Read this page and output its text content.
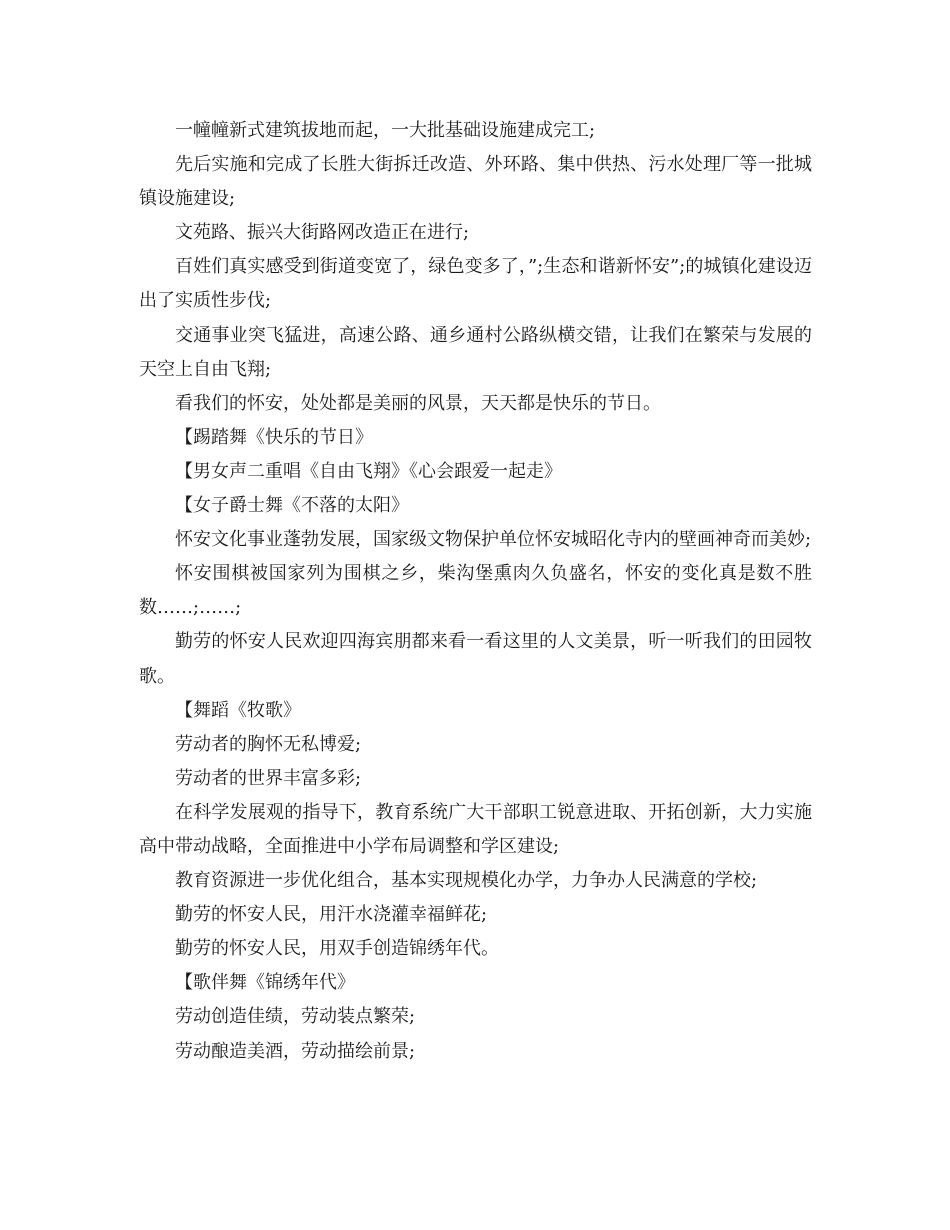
一幢幢新式建筑拔地而起，一大批基础设施建成完工;

先后实施和完成了长胜大街拆迁改造、外环路、集中供热、污水处理厂等一批城镇设施建设;

文苑路、振兴大街路网改造正在进行;

百姓们真实感受到街道变宽了，绿色变多了，”;生态和谐新怀安”;的城镇化建设迈出了实质性步伐;

交通事业突飞猛进，高速公路、通乡通村公路纵横交错，让我们在繁荣与发展的天空上自由飞翔;

看我们的怀安，处处都是美丽的风景，天天都是快乐的节日。

【踢踏舞《快乐的节日》

【男女声二重唱《自由飞翔》《心会跟爱一起走》

【女子爵士舞《不落的太阳》

怀安文化事业蓬勃发展，国家级文物保护单位怀安城昭化寺内的壁画神奇而美妙;

怀安围棋被国家列为围棋之乡，柴沟堡熏肉久负盛名，怀安的变化真是数不胜数……;……;

勤劳的怀安人民欢迎四海宾朋都来看一看这里的人文美景，听一听我们的田园牧歌。

【舞蹈《牧歌》

劳动者的胸怀无私博爱;

劳动者的世界丰富多彩;

在科学发展观的指导下，教育系统广大干部职工锐意进取、开拓创新，大力实施高中带动战略，全面推进中小学布局调整和学区建设;

教育资源进一步优化组合，基本实现规模化办学，力争办人民满意的学校;

勤劳的怀安人民，用汗水浇灌幸福鲜花;

勤劳的怀安人民，用双手创造锦绣年代。

【歌伴舞《锦绣年代》

劳动创造佳绩，劳动装点繁荣;

劳动酿造美酒，劳动描绘前景;
